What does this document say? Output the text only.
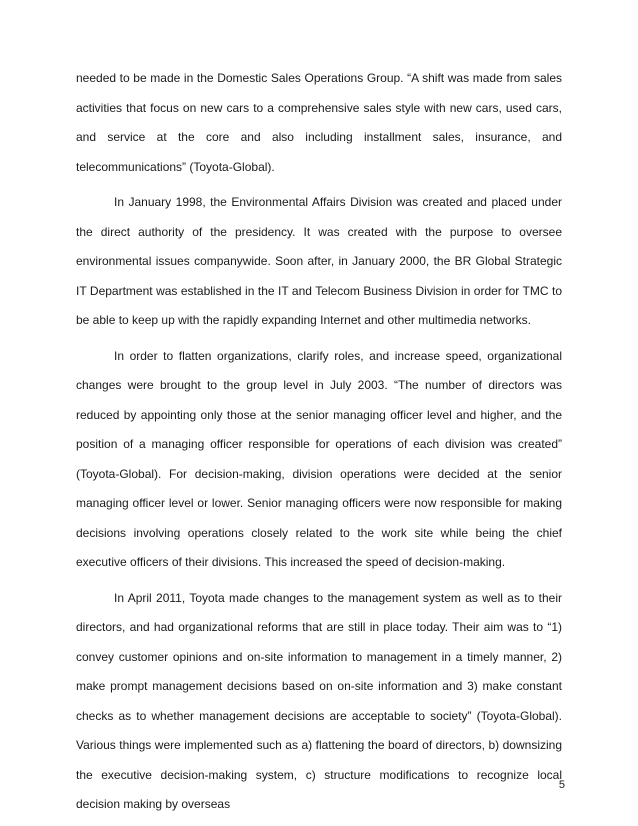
needed to be made in the Domestic Sales Operations Group. “A shift was made from sales activities that focus on new cars to a comprehensive sales style with new cars, used cars, and service at the core and also including installment sales, insurance, and telecommunications” (Toyota-Global).

In January 1998, the Environmental Affairs Division was created and placed under the direct authority of the presidency. It was created with the purpose to oversee environmental issues companywide. Soon after, in January 2000, the BR Global Strategic IT Department was established in the IT and Telecom Business Division in order for TMC to be able to keep up with the rapidly expanding Internet and other multimedia networks.

In order to flatten organizations, clarify roles, and increase speed, organizational changes were brought to the group level in July 2003. “The number of directors was reduced by appointing only those at the senior managing officer level and higher, and the position of a managing officer responsible for operations of each division was created” (Toyota-Global). For decision-making, division operations were decided at the senior managing officer level or lower. Senior managing officers were now responsible for making decisions involving operations closely related to the work site while being the chief executive officers of their divisions. This increased the speed of decision-making.

In April 2011, Toyota made changes to the management system as well as to their directors, and had organizational reforms that are still in place today. Their aim was to “1) convey customer opinions and on-site information to management in a timely manner, 2) make prompt management decisions based on on-site information and 3) make constant checks as to whether management decisions are acceptable to society” (Toyota-Global). Various things were implemented such as a) flattening the board of directors, b) downsizing the executive decision-making system, c) structure modifications to recognize local decision making by overseas

5
